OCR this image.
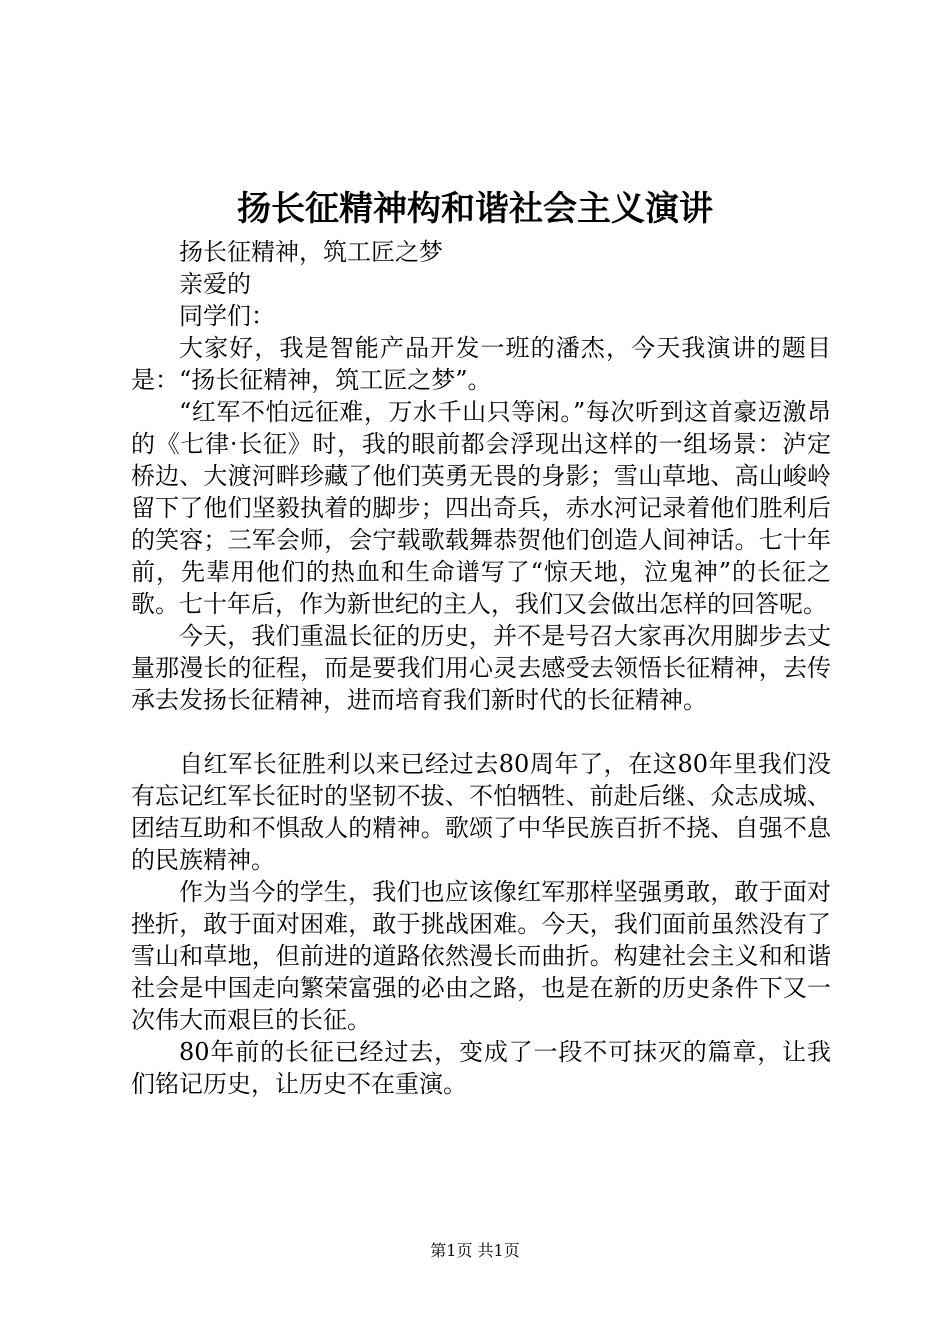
扬长征精神构和谐社会主义演讲

扬长征精神，筑工匠之梦

亲爱的

同学们：

大家好，我是智能产品开发一班的潘杰，今天我演讲的题目是：“扬长征精神，筑工匠之梦”。

“红军不怕远征难，万水千山只等闲。”每次听到这首豪迈激昂的《七律·长征》时，我的眼前都会浮现出这样的一组场景：泸定桥边、大渡河畔珍藏了他们英勇无畏的身影；雪山草地、高山峻岭留下了他们坚毅执着的脚步；四出奇兵，赤水河记录着他们胜利后的笑容；三军会师，会宁载歌载舞恭贺他们创造人间神话。七十年前，先辈用他们的热血和生命谱写了“惊天地，泣鬼神”的长征之歌。七十年后，作为新世纪的主人，我们又会做出怎样的回答呢。

今天，我们重温长征的历史，并不是号召大家再次用脚步去丈量那漫长的征程，而是要我们用心灵去感受去领悟长征精神，去传承去发扬长征精神，进而培育我们新时代的长征精神。

自红军长征胜利以来已经过去80周年了，在这80年里我们没有忘记红军长征时的坚韧不拔、不怕牺牲、前赴后继、众志成城、团结互助和不惧敌人的精神。歌颂了中华民族百折不挠、自强不息的民族精神。

作为当今的学生，我们也应该像红军那样坚强勇敢，敢于面对挫折，敢于面对困难，敢于挑战困难。今天，我们面前虽然没有了雪山和草地，但前进的道路依然漫长而曲折。构建社会主义和和谐社会是中国走向繁荣富强的必由之路，也是在新的历史条件下又一次伟大而艰巨的长征。

80年前的长征已经过去，变成了一段不可抹灭的篇章，让我们铭记历史，让历史不在重演。

第1页 共1页
